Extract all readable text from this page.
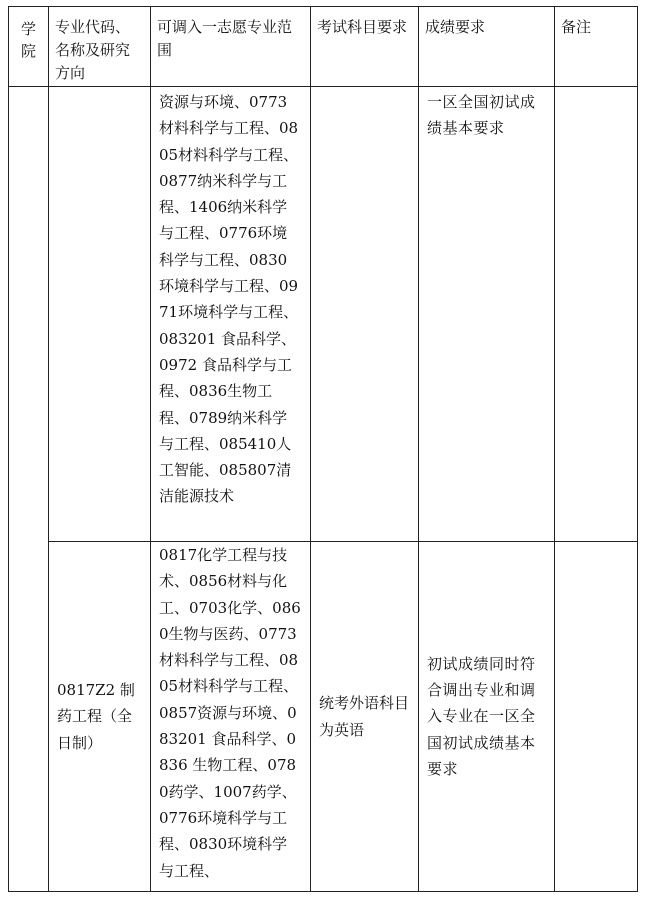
学
院	专业代码、名称及研究方向	可调入一志愿专业范围	考试科目要求	成绩要求	备注

		资源与环境、0773材料科学与工程、0805材料科学与工程、0877纳米科学与工程、1406纳米科学与工程、0776环境科学与工程、0830环境科学与工程、0971环境科学与工程、083201 食品科学、0972 食品科学与工程、0836生物工程、0789纳米科学与工程、085410人工智能、085807清洁能源技术		一区全国初试成绩基本要求	

	0817Z2 制药工程（全日制）	0817化学工程与技术、0856材料与化工、0703化学、0860生物与医药、0773材料科学与工程、0805材料科学与工程、0857资源与环境、083201 食品科学、0836 生物工程、0780药学、1007药学、0776环境科学与工程、0830环境科学与工程、	统考外语科目为英语	初试成绩同时符合调出专业和调入专业在一区全国初试成绩基本要求	
